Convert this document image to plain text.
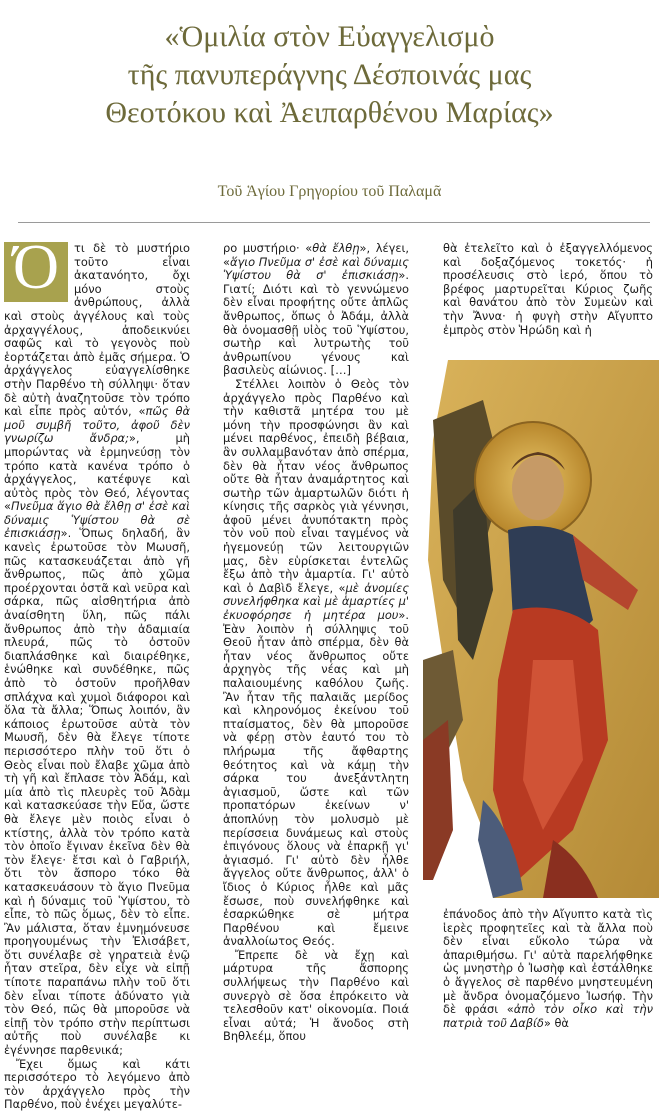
«Ὁμιλία στὸν Εὐαγγελισμὸ
τῆς πανυπεράγνης Δέσποινάς μας
Θεοτόκου καὶ Ἀειπαρθένου Μαρίας»
Τοῦ Ἁγίου Γρηγορίου τοῦ Παλαμᾶ

Ό	τι δὲ τὸ μυστήριο τοῦτο εἶναι ἀκατανόητο, ὄχι μόνο στοὺς ἀνθρώπους, ἀλλὰ καὶ στοὺς ἀγγέλους καὶ τοὺς ἀρχαγγέλους, ἀποδεικνύει σαφῶς καὶ τὸ γεγονὸς ποὺ ἑορτάζεται ἀπὸ ἐμᾶς σήμερα. Ὁ ἀρχάγγελος εὐαγγελίσθηκε στὴν Παρθένο τὴ σύλληψι· ὅταν δὲ αὐτὴ ἀναζητοῦσε τὸν τρόπο καὶ εἶπε πρὸς αὐτόν, «πῶς θὰ μοῦ συμβῆ τοῦτο, ἀφοῦ δὲν γνωρίζω ἄνδρα;», μὴ μπορώντας νὰ ἑρμηνεύσῃ τὸν τρόπο κατὰ κανένα τρόπο ὁ ἀρχάγγελος, κατέφυγε καὶ αὐτὸς πρὸς τὸν Θεό, λέγοντας «Πνεῦμα ἅγιο θὰ ἔλθῃ σ' ἐσὲ καὶ δύναμις Ὑψίστου θὰ σὲ ἐπισκιάσῃ». Ὅπως δηλαδή, ἂν κανεὶς ἐρωτοῦσε τὸν Μωυσῆ, πῶς κατασκευάζεται ἀπὸ γῆ ἄνθρωπος, πῶς ἀπὸ χῶμα προέρχονται ὀστᾶ καὶ νεῦρα καὶ σάρκα, πῶς αἰσθητήρια ἀπὸ ἀναίσθητη ὕλη, πῶς πάλι ἄνθρωπος ἀπὸ τὴν ἀδαμιαία πλευρά, πῶς τὸ ὀστοῦν διαπλάσθηκε καὶ διαιρέθηκε, ἑνώθηκε καὶ συνδέθηκε, πῶς ἀπὸ τὸ ὀστοῦν προῆλθαν σπλάχνα καὶ χυμοὶ διάφοροι καὶ ὅλα τὰ ἄλλα; Ὅπως λοιπόν, ἂν κάποιος ἐρωτοῦσε αὐτὰ τὸν Μωυσῆ, δὲν θὰ ἔλεγε τίποτε περισσότερο πλὴν τοῦ ὅτι ὁ Θεὸς εἶναι ποὺ ἔλαβε χῶμα ἀπὸ τὴ γῆ καὶ ἔπλασε τὸν Ἀδάμ, καὶ μία ἀπὸ τὶς πλευρὲς τοῦ Ἀδὰμ καὶ κατασκεύασε τὴν Εὔα, ὥστε θὰ ἔλεγε μὲν ποιὸς εἶναι ὁ κτίστης, ἀλλὰ τὸν τρόπο κατὰ τὸν ὁποῖο ἔγιναν ἐκεῖνα δὲν θὰ τὸν ἔλεγε· ἔτσι καὶ ὁ Γαβριήλ, ὅτι τὸν ἄσπορο τόκο θὰ κατασκευάσουν τὸ ἅγιο Πνεῦμα καὶ ἡ δύναμις τοῦ Ὑψίστου, τὸ εἶπε, τὸ πῶς ὅμως, δὲν τὸ εἶπε. Ἂν μάλιστα, ὅταν ἐμνημόνευσε προηγουμένως τὴν Ἐλισάβετ, ὅτι συνέλαβε σὲ γηρατειὰ ἐνῷ ἦταν στεῖρα, δὲν εἶχε νὰ εἰπῇ τίποτε παραπάνω πλὴν τοῦ ὅτι δὲν εἶναι τίποτε ἀδύνατο γιὰ τὸν Θεό, πῶς θὰ μποροῦσε νὰ εἰπῇ τὸν τρόπο στὴν περίπτωσι αὐτῆς ποὺ συνέλαβε κι ἐγέννησε παρθενικά;

Ἔχει ὅμως καὶ κάτι περισσότερο τὸ λεγόμενο ἀπὸ τὸν ἀρχάγγελο πρὸς τὴν Παρθένο, ποὺ ἐνέχει μεγαλύτε-

ρο μυστήριο· «θὰ ἔλθῃ», λέγει, «ἅγιο Πνεῦμα σ' ἐσὲ καὶ δύναμις Ὑψίστου θὰ σ' ἐπισκιάσῃ». Γιατί; Διότι καὶ τὸ γεννώμενο δὲν εἶναι προφήτης οὔτε ἁπλῶς ἄνθρωπος, ὅπως ὁ Ἀδάμ, ἀλλὰ θὰ ὀνομασθῇ υἱὸς τοῦ Ὑψίστου, σωτὴρ καὶ λυτρωτὴς τοῦ ἀνθρωπίνου γένους καὶ βασιλεὺς αἰώνιος. […]

Στέλλει λοιπὸν ὁ Θεὸς τὸν ἀρχάγγελο πρὸς Παρθένο καὶ τὴν καθιστᾶ μητέρα του μὲ μόνη τὴν προσφώνησι ἂν καὶ μένει παρθένος, ἐπειδὴ βέβαια, ἂν συλλαμβανόταν ἀπὸ σπέρμα, δὲν θὰ ἦταν νέος ἄνθρωπος οὔτε θὰ ἦταν ἀναμάρτητος καὶ σωτὴρ τῶν ἁμαρτωλῶν διότι ἡ κίνησις τῆς σαρκὸς γιὰ γέννησι, ἀφοῦ μένει ἀνυπότακτη πρὸς τὸν νοῦ ποὺ εἶναι ταγμένος νὰ ἡγεμονεύῃ τῶν λειτουργιῶν μας, δὲν εὑρίσκεται ἐντελῶς ἔξω ἀπὸ τὴν ἁμαρτία. Γι' αὐτὸ καὶ ὁ Δαβὶδ ἔλεγε, «μὲ ἀνομίες συνελήφθηκα καὶ μὲ ἁμαρτίες μ' ἐκυοφόρησε ἡ μητέρα μου». Ἐὰν λοιπὸν ἡ σύλληψις τοῦ Θεοῦ ἦταν ἀπὸ σπέρμα, δὲν θὰ ἦταν νέος ἄνθρωπος οὔτε ἀρχηγὸς τῆς νέας καὶ μὴ παλαιουμένης καθόλου ζωῆς. Ἂν ἦταν τῆς παλαιᾶς μερίδος καὶ κληρονόμος ἐκείνου τοῦ πταίσματος, δὲν θὰ μποροῦσε νὰ φέρῃ στὸν ἑαυτό του τὸ πλήρωμα τῆς ἄφθαρτης θεότητος καὶ νὰ κάμῃ τὴν σάρκα του ἀνεξάντλητη ἁγιασμοῦ, ὥστε καὶ τῶν προπατόρων ἐκείνων ν' ἀποπλύνῃ τὸν μολυσμὸ μὲ περίσσεια δυνάμεως καὶ στοὺς ἐπιγόνους ὅλους νὰ ἐπαρκῇ γι' ἁγιασμό. Γι' αὐτὸ δὲν ἦλθε ἄγγελος οὔτε ἄνθρωπος, ἀλλ' ὁ ἴδιος ὁ Κύριος ἦλθε καὶ μᾶς ἔσωσε, ποὺ συνελήφθηκε καὶ ἐσαρκώθηκε σὲ μήτρα Παρθένου καὶ ἔμεινε ἀναλλοίωτος Θεός.

Ἔπρεπε δὲ νὰ ἔχῃ καὶ μάρτυρα τῆς ἄσπορης συλλήψεως τὴν Παρθένο καὶ συνεργὸ σὲ ὅσα ἐπρόκειτο νὰ τελεσθοῦν κατ' οἰκονομία. Ποιά εἶναι αὐτά; Ἡ ἄνοδος στὴ Βηθλεέμ, ὅπου

θὰ ἐτελεῖτο καὶ ὁ ἐξαγγελλόμενος καὶ δοξαζόμενος τοκετός· ἡ προσέλευσις στὸ ἱερό, ὅπου τὸ βρέφος μαρτυρεῖται Κύριος ζωῆς καὶ θανάτου ἀπὸ τὸν Συμεὼν καὶ τὴν Ἄννα· ἡ φυγὴ στὴν Αἴγυπτο ἐμπρὸς στὸν Ἡρώδη καὶ ἡ

ἐπάνοδος ἀπὸ τὴν Αἴγυπτο κατὰ τὶς ἱερὲς προφητεῖες καὶ τὰ ἄλλα ποὺ δὲν εἶναι εὔκολο τώρα νὰ ἀπαριθμήσω. Γι' αὐτὰ παρελήφθηκε ὡς μνηστὴρ ὁ Ἰωσὴφ καὶ ἐστάλθηκε ὁ ἄγγελος σὲ παρθένο μνηστευμένη μὲ ἄνδρα ὀνομαζόμενο Ἰωσήφ. Τὴν δὲ φράσι «ἀπὸ τὸν οἶκο καὶ τὴν πατριὰ τοῦ Δαβίδ» θὰ
